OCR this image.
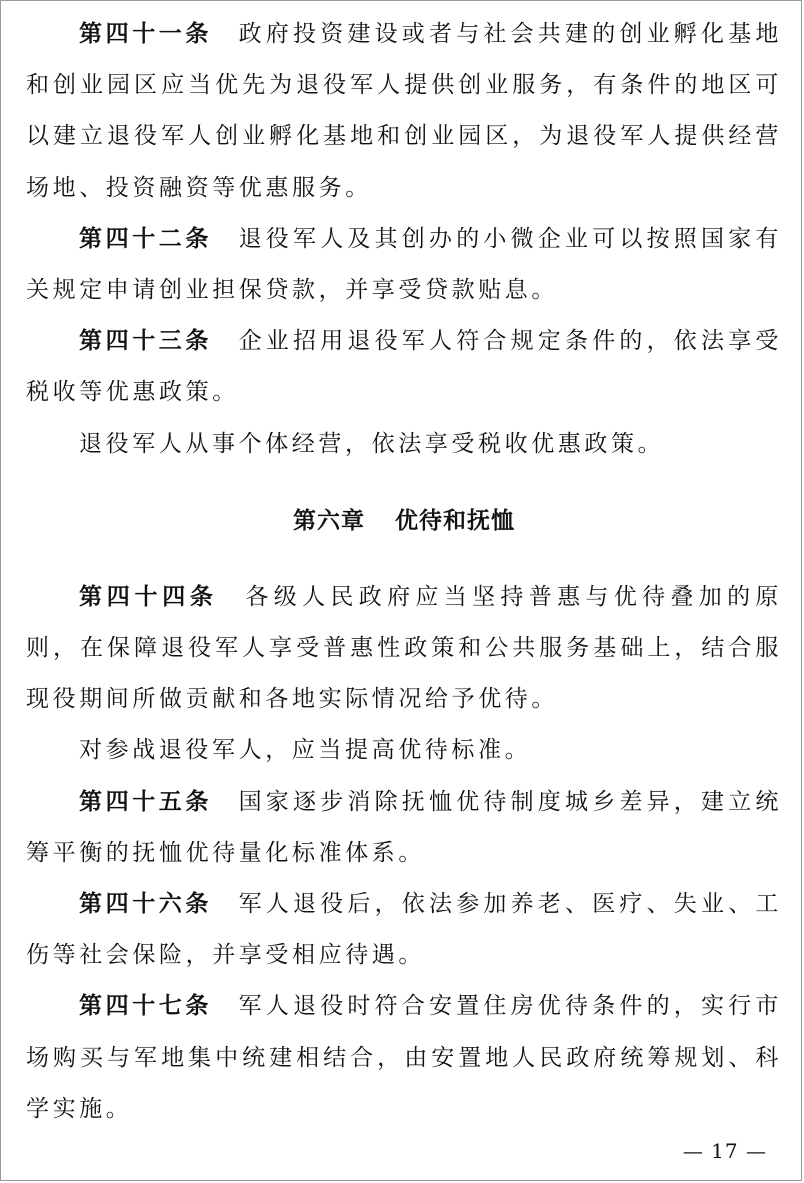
第四十一条 政府投资建设或者与社会共建的创业孵化基地和创业园区应当优先为退役军人提供创业服务，有条件的地区可以建立退役军人创业孵化基地和创业园区，为退役军人提供经营场地、投资融资等优惠服务。

第四十二条 退役军人及其创办的小微企业可以按照国家有关规定申请创业担保贷款，并享受贷款贴息。

第四十三条 企业招用退役军人符合规定条件的，依法享受税收等优惠政策。

退役军人从事个体经营，依法享受税收优惠政策。

第六章 优待和抚恤

第四十四条 各级人民政府应当坚持普惠与优待叠加的原则，在保障退役军人享受普惠性政策和公共服务基础上，结合服现役期间所做贡献和各地实际情况给予优待。

对参战退役军人，应当提高优待标准。

第四十五条 国家逐步消除抚恤优待制度城乡差异，建立统筹平衡的抚恤优待量化标准体系。

第四十六条 军人退役后，依法参加养老、医疗、失业、工伤等社会保险，并享受相应待遇。

第四十七条 军人退役时符合安置住房优待条件的，实行市场购买与军地集中统建相结合，由安置地人民政府统筹规划、科学实施。

— 17 —
